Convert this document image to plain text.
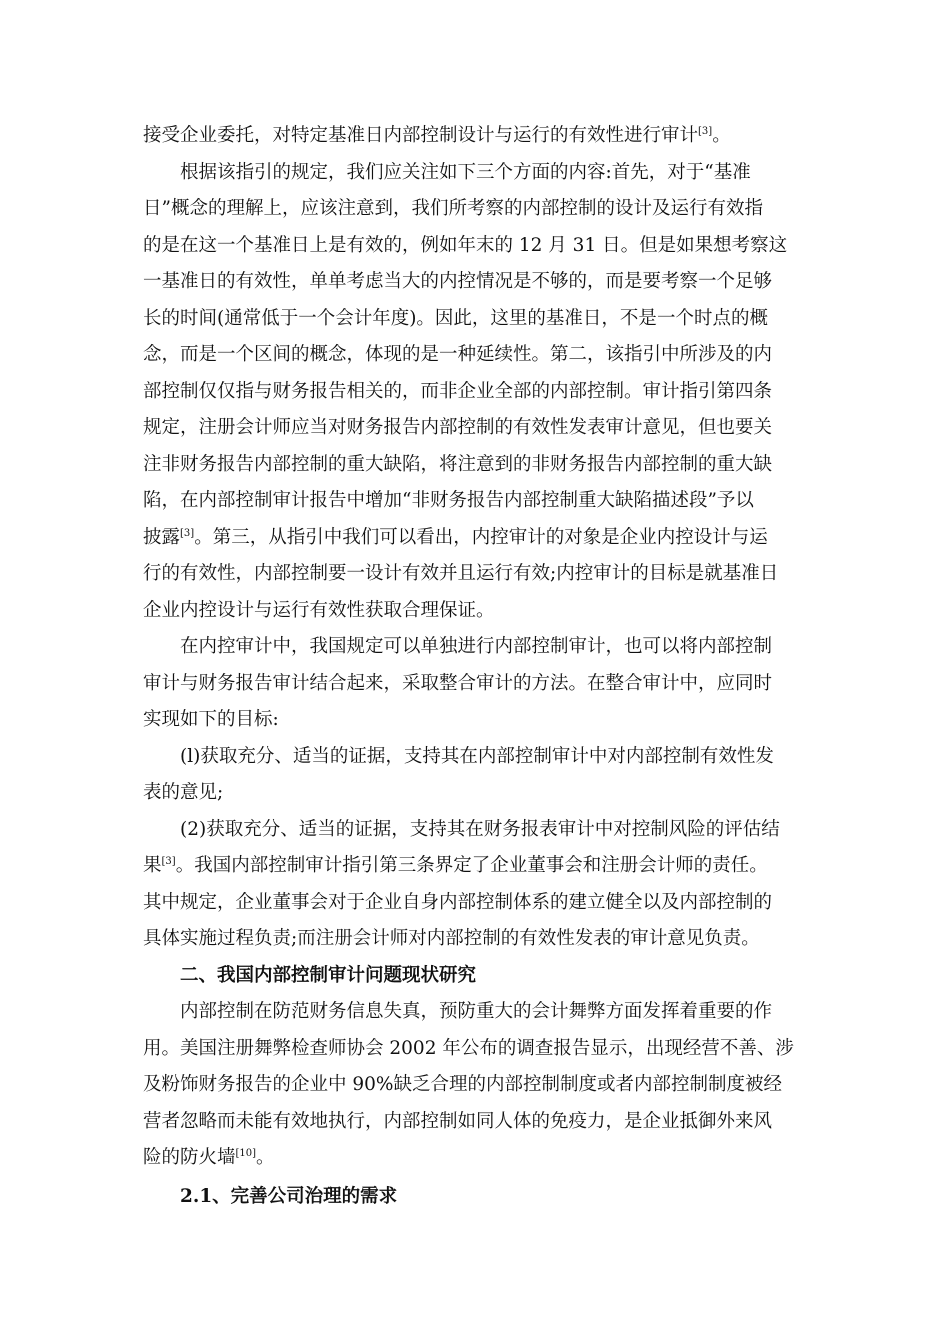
接受企业委托，对特定基准日内部控制设计与运行的有效性进行审计[3]。
根据该指引的规定，我们应关注如下三个方面的内容:首先，对于“基准
日”概念的理解上，应该注意到，我们所考察的内部控制的设计及运行有效指
的是在这一个基准日上是有效的，例如年末的 12 月 31 日。但是如果想考察这
一基准日的有效性，单单考虑当大的内控情况是不够的，而是要考察一个足够
长的时间(通常低于一个会计年度)。因此，这里的基准日，不是一个时点的概
念，而是一个区间的概念，体现的是一种延续性。第二，该指引中所涉及的内
部控制仅仅指与财务报告相关的，而非企业全部的内部控制。审计指引第四条
规定，注册会计师应当对财务报告内部控制的有效性发表审计意见，但也要关
注非财务报告内部控制的重大缺陷，将注意到的非财务报告内部控制的重大缺
陷，在内部控制审计报告中增加“非财务报告内部控制重大缺陷描述段”予以
披露[3]。第三，从指引中我们可以看出，内控审计的对象是企业内控设计与运
行的有效性，内部控制要一设计有效并且运行有效;内控审计的目标是就基准日
企业内控设计与运行有效性获取合理保证。
在内控审计中，我国规定可以单独进行内部控制审计，也可以将内部控制
审计与财务报告审计结合起来，采取整合审计的方法。在整合审计中，应同时
实现如下的目标:
(l)获取充分、适当的证据，支持其在内部控制审计中对内部控制有效性发
表的意见;
(2)获取充分、适当的证据，支持其在财务报表审计中对控制风险的评估结
果[3]。我国内部控制审计指引第三条界定了企业董事会和注册会计师的责任。
其中规定，企业董事会对于企业自身内部控制体系的建立健全以及内部控制的
具体实施过程负责;而注册会计师对内部控制的有效性发表的审计意见负责。
二、我国内部控制审计问题现状研究
内部控制在防范财务信息失真，预防重大的会计舞弊方面发挥着重要的作
用。美国注册舞弊检查师协会 2002 年公布的调查报告显示，出现经营不善、涉
及粉饰财务报告的企业中 90%缺乏合理的内部控制制度或者内部控制制度被经
营者忽略而未能有效地执行，内部控制如同人体的免疫力，是企业抵御外来风
险的防火墙[10]。
2.1、完善公司治理的需求
